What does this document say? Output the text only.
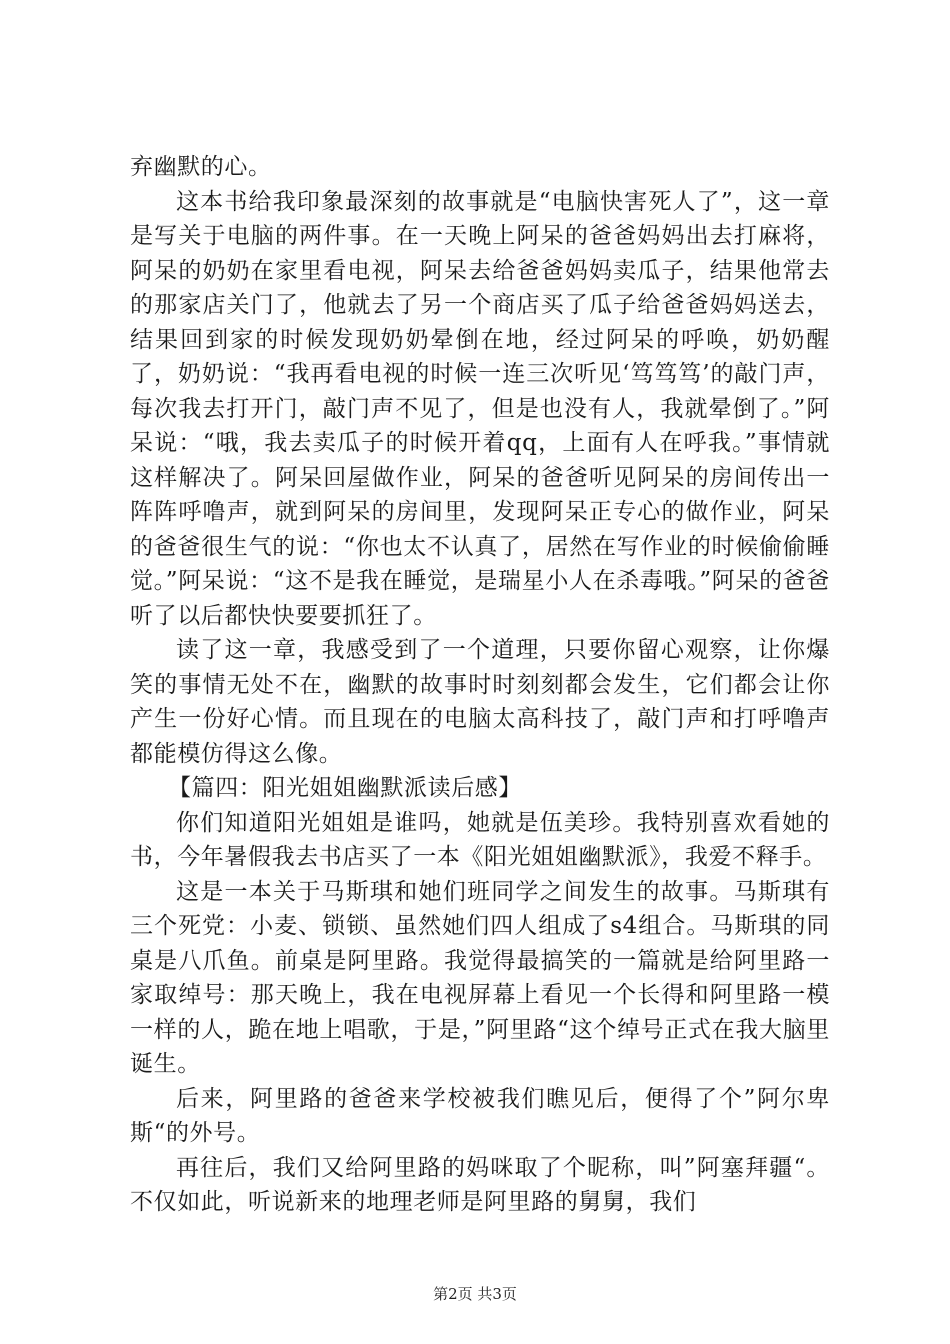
弃幽默的心。

这本书给我印象最深刻的故事就是“电脑快害死人了”，这一章是写关于电脑的两件事。在一天晚上阿呆的爸爸妈妈出去打麻将，阿呆的奶奶在家里看电视，阿呆去给爸爸妈妈卖瓜子，结果他常去的那家店关门了，他就去了另一个商店买了瓜子给爸爸妈妈送去，结果回到家的时候发现奶奶晕倒在地，经过阿呆的呼唤，奶奶醒了，奶奶说：“我再看电视的时候一连三次听见‘笃笃笃’的敲门声，每次我去打开门，敲门声不见了，但是也没有人，我就晕倒了。”阿呆说：“哦，我去卖瓜子的时候开着qq，上面有人在呼我。”事情就这样解决了。阿呆回屋做作业，阿呆的爸爸听见阿呆的房间传出一阵阵呼噜声，就到阿呆的房间里，发现阿呆正专心的做作业，阿呆的爸爸很生气的说：“你也太不认真了，居然在写作业的时候偷偷睡觉。”阿呆说：“这不是我在睡觉，是瑞星小人在杀毒哦。”阿呆的爸爸听了以后都快快要要抓狂了。

读了这一章，我感受到了一个道理，只要你留心观察，让你爆笑的事情无处不在，幽默的故事时时刻刻都会发生，它们都会让你产生一份好心情。而且现在的电脑太高科技了，敲门声和打呼噜声都能模仿得这么像。

【篇四：阳光姐姐幽默派读后感】

你们知道阳光姐姐是谁吗，她就是伍美珍。我特别喜欢看她的书，今年暑假我去书店买了一本《阳光姐姐幽默派》，我爱不释手。

这是一本关于马斯琪和她们班同学之间发生的故事。马斯琪有三个死党：小麦、锁锁、虽然她们四人组成了s4组合。马斯琪的同桌是八爪鱼。前桌是阿里路。我觉得最搞笑的一篇就是给阿里路一家取绰号：那天晚上，我在电视屏幕上看见一个长得和阿里路一模一样的人，跪在地上唱歌，于是，”阿里路“这个绰号正式在我大脑里诞生。

后来，阿里路的爸爸来学校被我们瞧见后，便得了个”阿尔卑斯“的外号。

再往后，我们又给阿里路的妈咪取了个昵称，叫”阿塞拜疆“。不仅如此，听说新来的地理老师是阿里路的舅舅，我们

第2页 共3页
